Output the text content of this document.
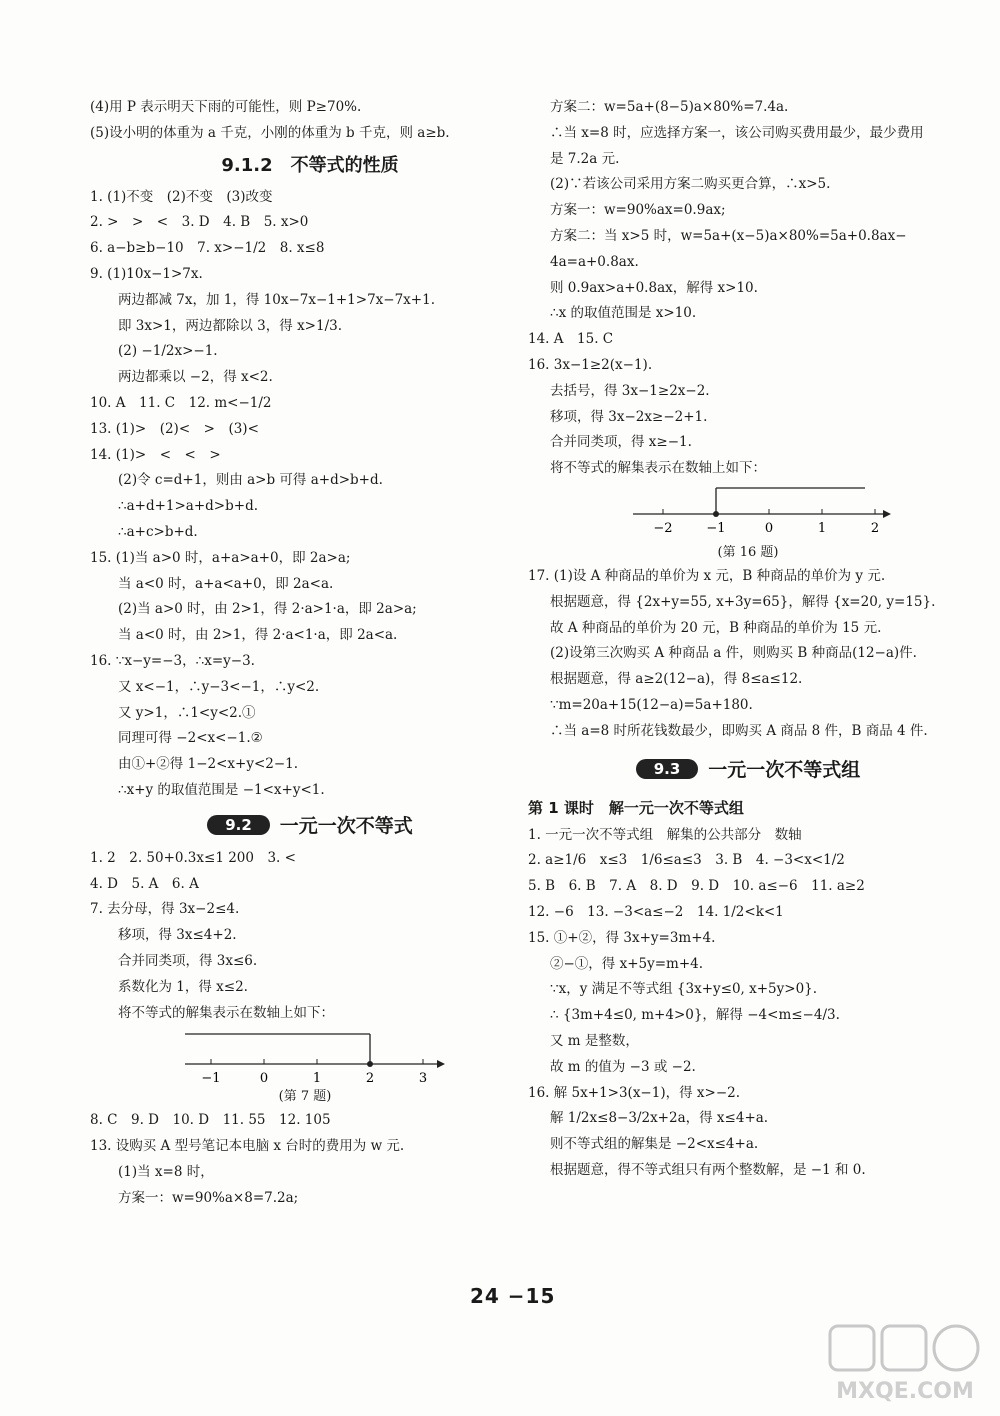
(4)用 P 表示明天下雨的可能性，则 P≥70%.
(5)设小明的体重为 a 千克，小刚的体重为 b 千克，则 a≥b.
9.1.2　不等式的性质
1. (1)不变　(2)不变　(3)改变
2. >　>　<　3. D　4. B　5. x>0
6. a−b≥b−10　7. x>−1/2　8. x≤8
9. (1)10x−1>7x.
两边都减 7x，加 1，得 10x−7x−1+1>7x−7x+1.
即 3x>1，两边都除以 3，得 x>1/3.
(2) −1/2x>−1.
两边都乘以 −2，得 x<2.
10. A　11. C　12. m<−1/2
13. (1)>　(2)<　>　(3)<
14. (1)>　<　<　>
(2)令 c=d+1，则由 a>b 可得 a+d>b+d.
∴a+d+1>a+d>b+d.
∴a+c>b+d.
15. (1)当 a>0 时，a+a>a+0，即 2a>a;
当 a<0 时，a+a<a+0，即 2a<a.
(2)当 a>0 时，由 2>1，得 2·a>1·a，即 2a>a;
当 a<0 时，由 2>1，得 2·a<1·a，即 2a<a.
16. ∵x−y=−3，∴x=y−3.
又 x<−1，∴y−3<−1，∴y<2.
又 y>1，∴1<y<2.①
同理可得 −2<x<−1.②
由①+②得 1−2<x+y<2−1.
∴x+y 的取值范围是 −1<x+y<1.
9.2	一元一次不等式
1. 2　2. 50+0.3x≤1 200　3. <
4. D　5. A　6. A
7. 去分母，得 3x−2≤4.
移项，得 3x≤4+2.
合并同类项，得 3x≤6.
系数化为 1，得 x≤2.
将不等式的解集表示在数轴上如下：
−1	0	1	2	3
(第 7 题)
8. C　9. D　10. D　11. 55　12. 105
13. 设购买 A 型号笔记本电脑 x 台时的费用为 w 元.
(1)当 x=8 时，
方案一：w=90%a×8=7.2a;
方案二：w=5a+(8−5)a×80%=7.4a.
∴当 x=8 时，应选择方案一，该公司购买费用最少，最少费用
是 7.2a 元.
(2)∵若该公司采用方案二购买更合算，∴x>5.
方案一：w=90%ax=0.9ax;
方案二：当 x>5 时，w=5a+(x−5)a×80%=5a+0.8ax−
4a=a+0.8ax.
则 0.9ax>a+0.8ax，解得 x>10.
∴x 的取值范围是 x>10.
14. A　15. C
16. 3x−1≥2(x−1).
去括号，得 3x−1≥2x−2.
移项，得 3x−2x≥−2+1.
合并同类项，得 x≥−1.
将不等式的解集表示在数轴上如下：
−2	−1	0	1	2
(第 16 题)
17. (1)设 A 种商品的单价为 x 元，B 种商品的单价为 y 元.
根据题意，得 {2x+y=55, x+3y=65}，解得 {x=20, y=15}.
故 A 种商品的单价为 20 元，B 种商品的单价为 15 元.
(2)设第三次购买 A 种商品 a 件，则购买 B 种商品(12−a)件.
根据题意，得 a≥2(12−a)，得 8≤a≤12.
∵m=20a+15(12−a)=5a+180.
∴当 a=8 时所花钱数最少，即购买 A 商品 8 件，B 商品 4 件.
9.3	一元一次不等式组
第 1 课时　解一元一次不等式组
1. 一元一次不等式组　解集的公共部分　数轴
2. a≥1/6　x≤3　1/6≤a≤3　3. B　4. −3<x<1/2
5. B　6. B　7. A　8. D　9. D　10. a≤−6　11. a≥2
12. −6　13. −3<a≤−2　14. 1/2<k<1
15. ①+②，得 3x+y=3m+4.
②−①，得 x+5y=m+4.
∵x，y 满足不等式组 {3x+y≤0, x+5y>0}.
∴ {3m+4≤0, m+4>0}，解得 −4<m≤−4/3.
又 m 是整数，
故 m 的值为 −3 或 −2.
16. 解 5x+1>3(x−1)，得 x>−2.
解 1/2x≤8−3/2x+2a，得 x≤4+a.
则不等式组的解集是 −2<x≤4+a.
根据题意，得不等式组只有两个整数解，是 −1 和 0.
24 −15
MXQE.COM
